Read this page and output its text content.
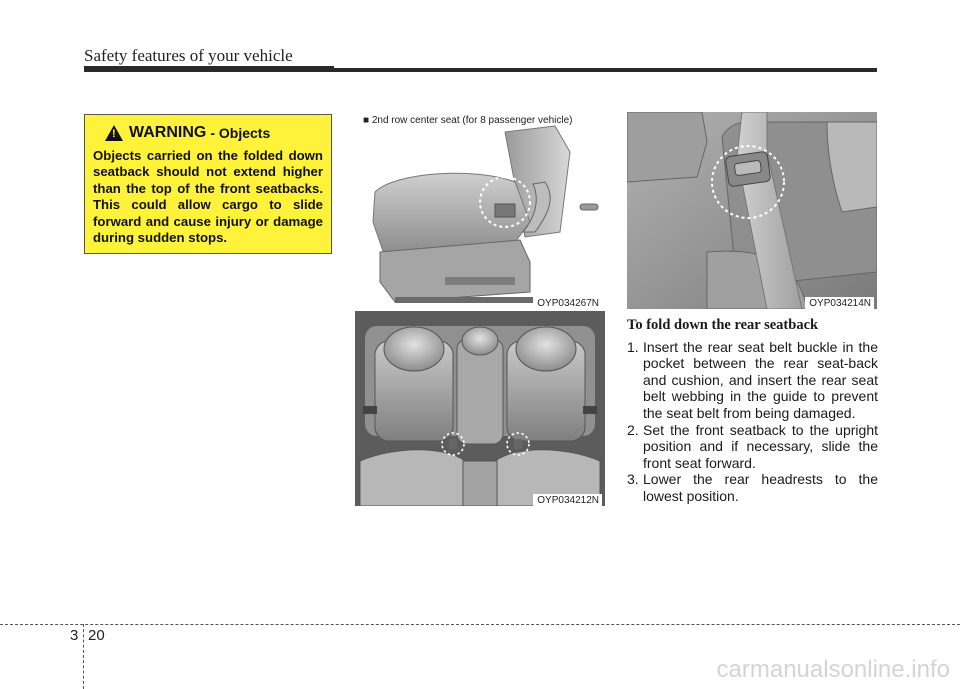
Safety features of your vehicle
!
WARNING - Objects
Objects carried on the folded down seatback should not extend higher than the top of the front seatbacks. This could allow cargo to slide forward and cause injury or damage during sudden stops.
■ 2nd row center seat (for 8 passenger vehicle)
OYP034267N
OYP034212N
OYP034214N
To fold down the rear seatback
1. Insert the rear seat belt buckle in the pocket between the rear seat-back and cushion, and insert the rear seat belt webbing in the guide to prevent the seat belt from being damaged.
2. Set the front seatback to the upright position and if necessary, slide the front seat forward.
3. Lower the rear headrests to the lowest position.
3 20
carmanualsonline.info
